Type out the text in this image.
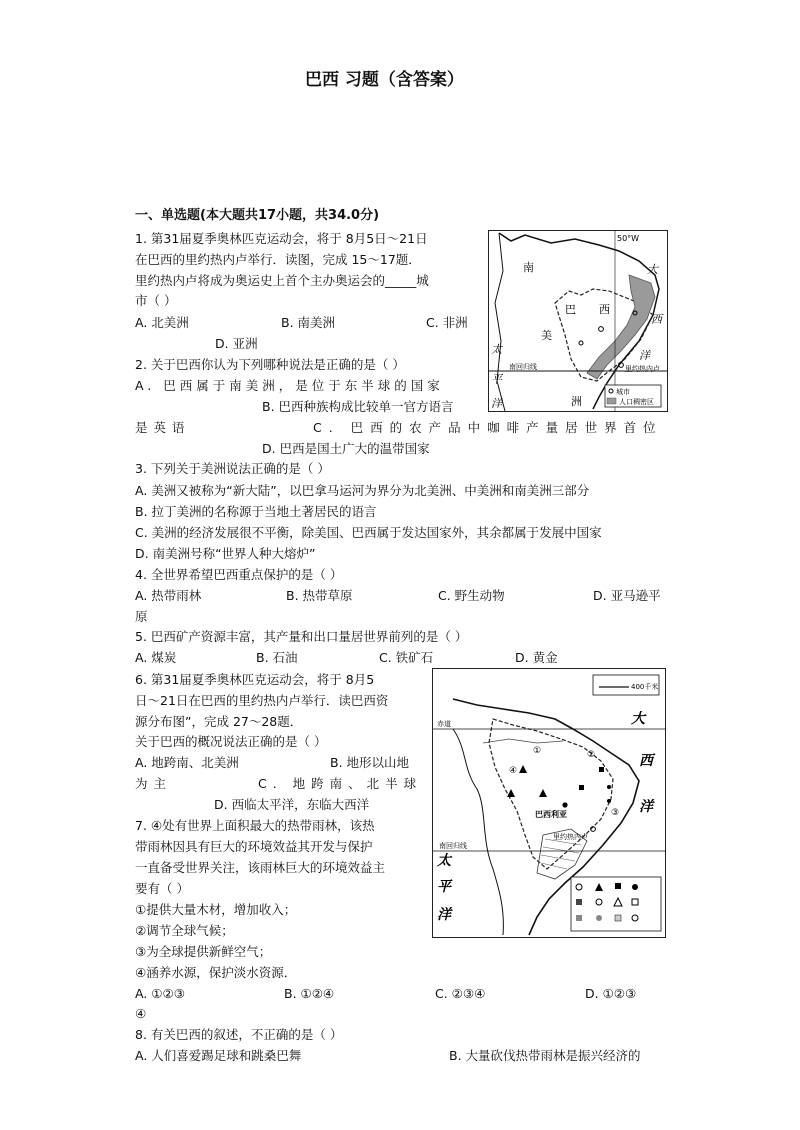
巴西 习题（含答案）
一、单选题(本大题共17小题，共34.0分)
1. 第31届夏季奥林匹克运动会，将于 8月5日～21日
在巴西的里约热内卢举行．读图，完成 15～17题．
里约热内卢将成为奥运史上首个主办奥运会的_____城
市（ ）
A. 北美洲	B. 南美洲	C. 非洲
D. 亚洲
50°W
大
西
洋
太
平
洋
南
美
洲
巴 西
南回归线	里约热内卢
城市
人口稠密区
2. 关于巴西你认为下列哪种说法是正确的是（ ）
A. 巴西属于南美洲，是位于东半球的国家
B. 巴西种族构成比较单一官方语言
是英语	C. 巴西的农产品中咖啡产量居世界首位
D. 巴西是国土广大的温带国家
3. 下列关于美洲说法正确的是（ ）
A. 美洲又被称为“新大陆”，以巴拿马运河为界分为北美洲、中美洲和南美洲三部分
B. 拉丁美洲的名称源于当地土著居民的语言
C. 美洲的经济发展很不平衡，除美国、巴西属于发达国家外，其余都属于发展中国家
D. 南美洲号称“世界人种大熔炉”
4. 全世界希望巴西重点保护的是（ ）
A. 热带雨林	B. 热带草原	C. 野生动物	D. 亚马逊平
原
5. 巴西矿产资源丰富，其产量和出口量居世界前列的是（ ）
A. 煤炭	B. 石油	C. 铁矿石	D. 黄金
6. 第31届夏季奥林匹克运动会，将于 8月5
日～21日在巴西的里约热内卢举行．读巴西资
源分布图”，完成 27～28题．
关于巴西的概况说法正确的是（ ）
A. 地跨南、北美洲	B. 地形以山地
为主	C. 地跨南、北半球
D. 西临太平洋，东临大西洋
400千米
大
西
洋
太
平
洋
赤道
南回归线
巴西利亚
里约热内卢
①	②
③
④
7. ④处有世界上面积最大的热带雨林，该热
带雨林因具有巨大的环境效益其开发与保护
一直备受世界关注，该雨林巨大的环境效益主
要有（ ）
①提供大量木材，增加收入；
②调节全球气候；
③为全球提供新鲜空气；
④涵养水源，保护淡水资源．
A. ①②③	B. ①②④	C. ②③④	D. ①②③
④
8. 有关巴西的叙述，不正确的是（ ）
A. 人们喜爱踢足球和跳桑巴舞	B. 大量砍伐热带雨林是振兴经济的
